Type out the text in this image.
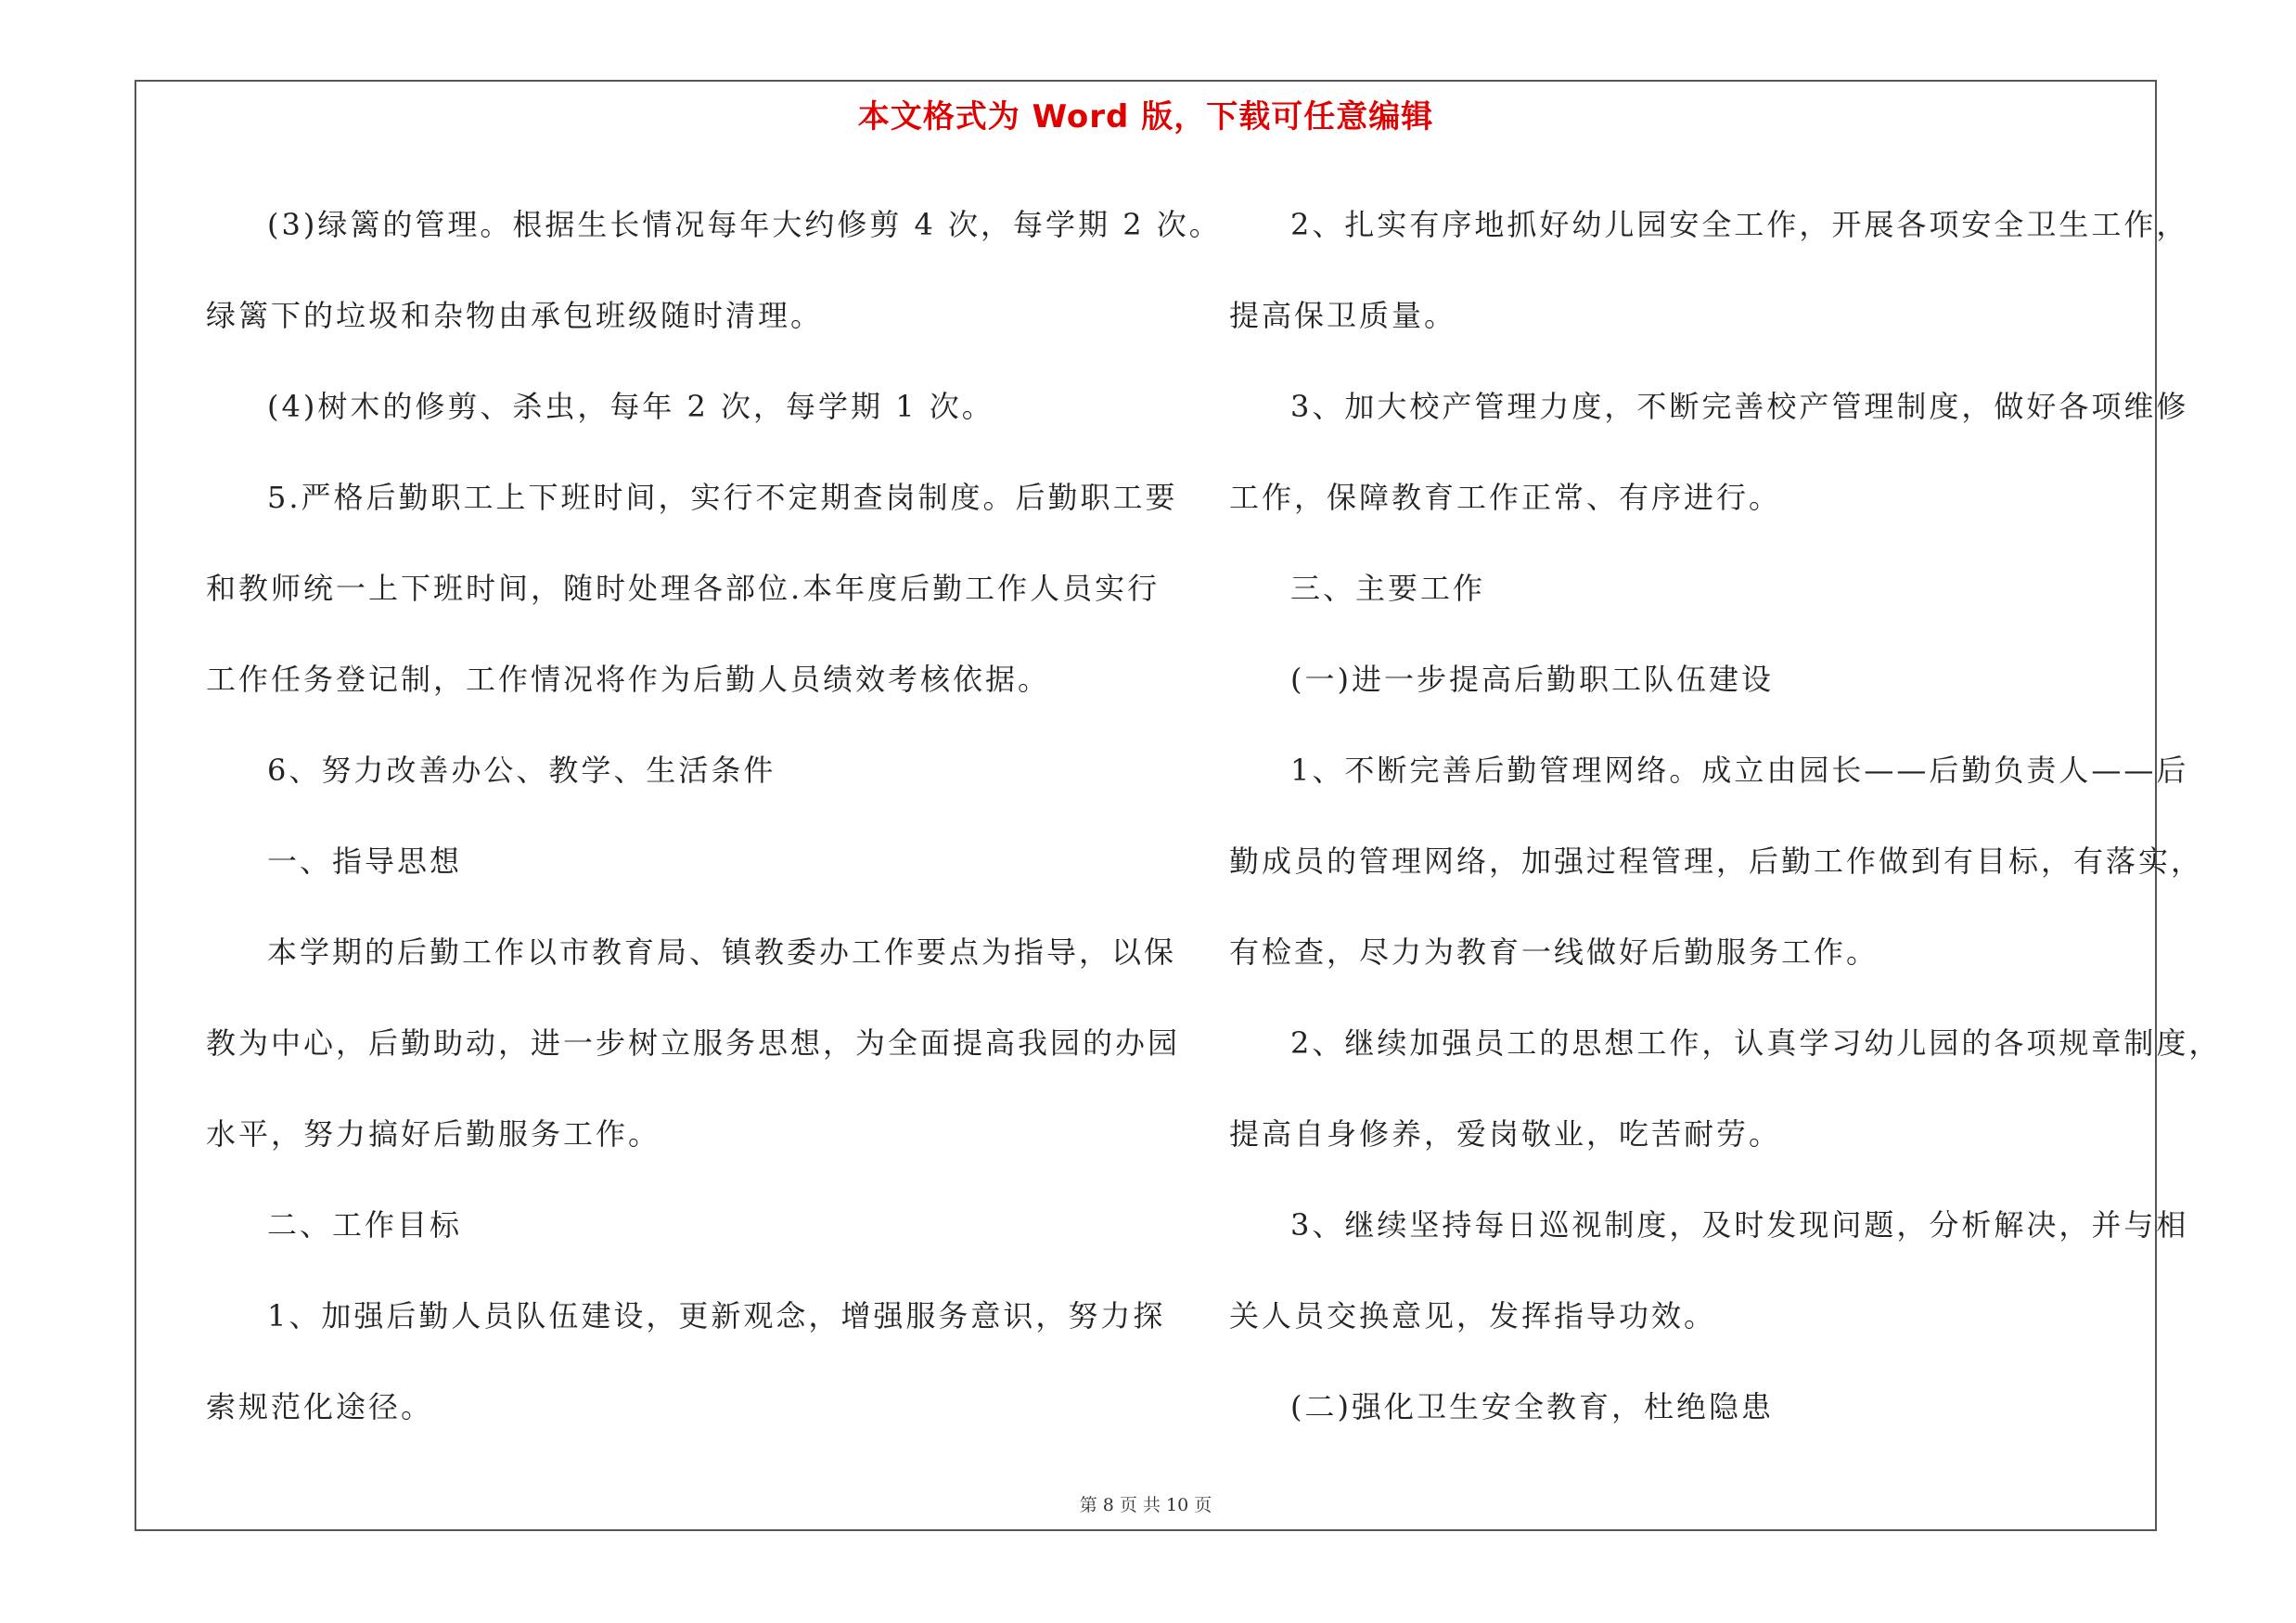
本文格式为 Word 版，下载可任意编辑
(3)绿篱的管理。根据生长情况每年大约修剪 4 次，每学期 2 次。
绿篱下的垃圾和杂物由承包班级随时清理。
(4)树木的修剪、杀虫，每年 2 次，每学期 1 次。
5.严格后勤职工上下班时间，实行不定期查岗制度。后勤职工要
和教师统一上下班时间，随时处理各部位.本年度后勤工作人员实行
工作任务登记制，工作情况将作为后勤人员绩效考核依据。
6、努力改善办公、教学、生活条件
一、指导思想
本学期的后勤工作以市教育局、镇教委办工作要点为指导，以保
教为中心，后勤助动，进一步树立服务思想，为全面提高我园的办园
水平，努力搞好后勤服务工作。
二、工作目标
1、加强后勤人员队伍建设，更新观念，增强服务意识，努力探
索规范化途径。
2、扎实有序地抓好幼儿园安全工作，开展各项安全卫生工作，
提高保卫质量。
3、加大校产管理力度，不断完善校产管理制度，做好各项维修
工作，保障教育工作正常、有序进行。
三、主要工作
(一)进一步提高后勤职工队伍建设
1、不断完善后勤管理网络。成立由园长——后勤负责人——后
勤成员的管理网络，加强过程管理，后勤工作做到有目标，有落实，
有检查，尽力为教育一线做好后勤服务工作。
2、继续加强员工的思想工作，认真学习幼儿园的各项规章制度，
提高自身修养，爱岗敬业，吃苦耐劳。
3、继续坚持每日巡视制度，及时发现问题，分析解决，并与相
关人员交换意见，发挥指导功效。
(二)强化卫生安全教育，杜绝隐患
第 8 页 共 10 页
